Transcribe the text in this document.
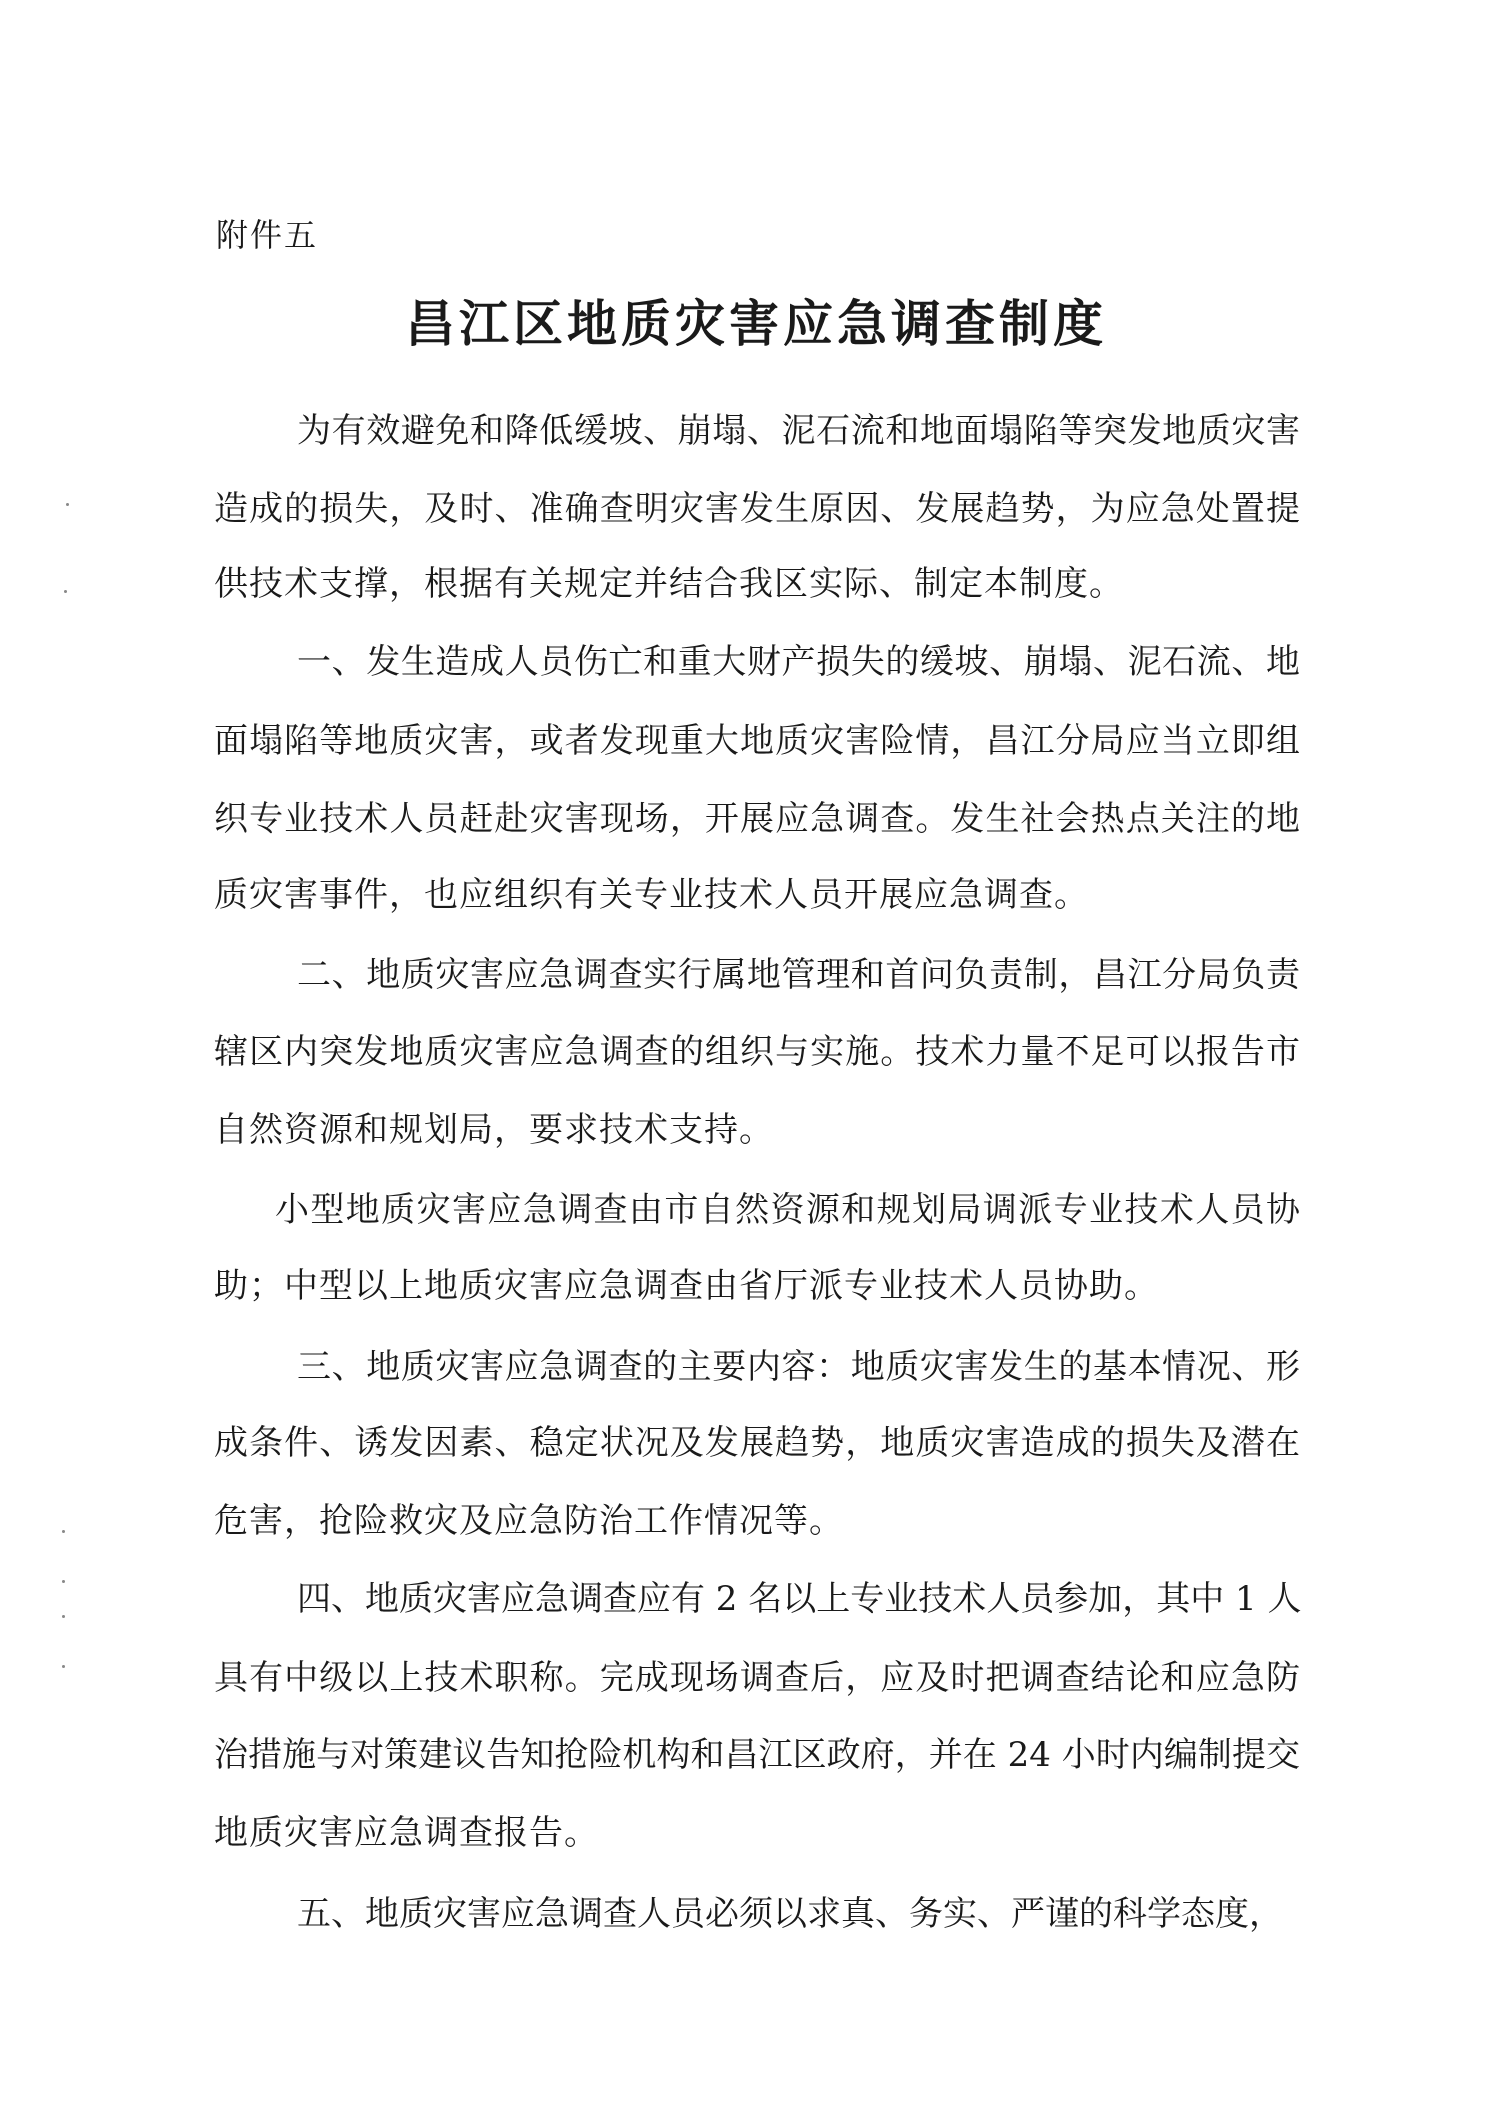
附件五
昌江区地质灾害应急调查制度
为有效避免和降低缓坡、崩塌、泥石流和地面塌陷等突发地质灾害
造成的损失，及时、准确查明灾害发生原因、发展趋势，为应急处置提
供技术支撑，根据有关规定并结合我区实际、制定本制度。
一、发生造成人员伤亡和重大财产损失的缓坡、崩塌、泥石流、地
面塌陷等地质灾害，或者发现重大地质灾害险情，昌江分局应当立即组
织专业技术人员赶赴灾害现场，开展应急调查。发生社会热点关注的地
质灾害事件，也应组织有关专业技术人员开展应急调查。
二、地质灾害应急调查实行属地管理和首问负责制，昌江分局负责
辖区内突发地质灾害应急调查的组织与实施。技术力量不足可以报告市
自然资源和规划局，要求技术支持。
小型地质灾害应急调查由市自然资源和规划局调派专业技术人员协
助；中型以上地质灾害应急调查由省厅派专业技术人员协助。
三、地质灾害应急调查的主要内容：地质灾害发生的基本情况、形
成条件、诱发因素、稳定状况及发展趋势，地质灾害造成的损失及潜在
危害，抢险救灾及应急防治工作情况等。
四、地质灾害应急调查应有 2 名以上专业技术人员参加，其中 1 人
具有中级以上技术职称。完成现场调查后，应及时把调查结论和应急防
治措施与对策建议告知抢险机构和昌江区政府，并在 24 小时内编制提交
地质灾害应急调查报告。
五、地质灾害应急调查人员必须以求真、务实、严谨的科学态度，
